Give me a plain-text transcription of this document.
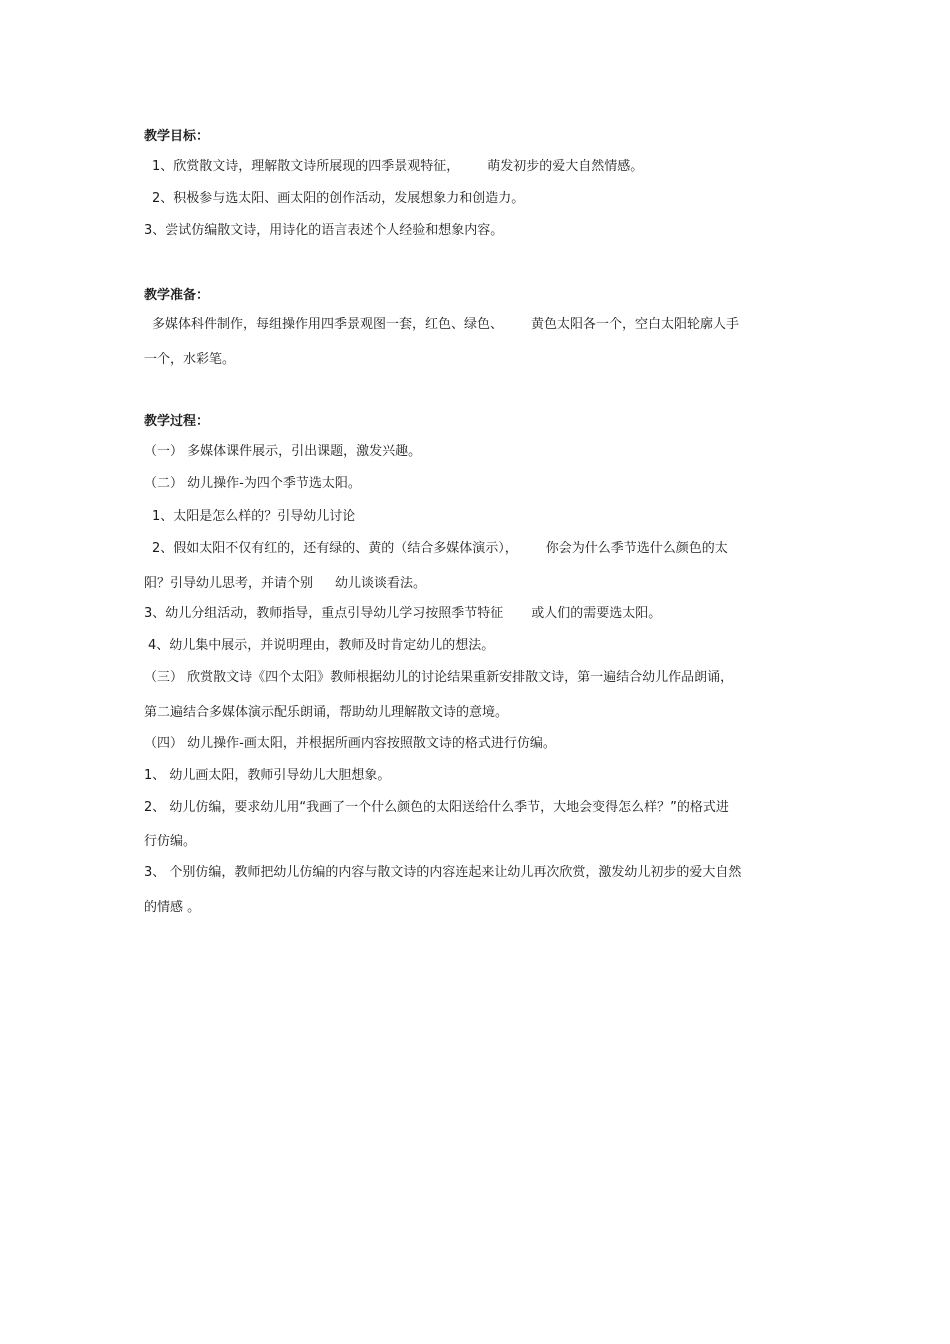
教学目标：
1、欣赏散文诗，理解散文诗所展现的四季景观特征， 萌发初步的爱大自然情感。
2、积极参与选太阳、画太阳的创作活动，发展想象力和创造力。
3、尝试仿编散文诗，用诗化的语言表述个人经验和想象内容。
教学准备：
多媒体科件制作，每组操作用四季景观图一套，红色、绿色、 黄色太阳各一个，空白太阳轮廓人手
一个，水彩笔。
教学过程：
（一） 多媒体课件展示，引出课题，激发兴趣。
（二） 幼儿操作-为四个季节选太阳。
1、太阳是怎么样的？引导幼儿讨论
2、假如太阳不仅有红的，还有绿的、黄的（结合多媒体演示）， 你会为什么季节选什么颜色的太
阳？引导幼儿思考，并请个别 幼儿谈谈看法。
3、幼儿分组活动，教师指导，重点引导幼儿学习按照季节特征 或人们的需要选太阳。
4、幼儿集中展示，并说明理由，教师及时肯定幼儿的想法。
（三） 欣赏散文诗《四个太阳》教师根据幼儿的讨论结果重新安排散文诗，第一遍结合幼儿作品朗诵，
第二遍结合多媒体演示配乐朗诵，帮助幼儿理解散文诗的意境。
（四） 幼儿操作-画太阳，并根据所画内容按照散文诗的格式进行仿编。
1、 幼儿画太阳，教师引导幼儿大胆想象。
2、 幼儿仿编，要求幼儿用“我画了一个什么颜色的太阳送给什么季节，大地会变得怎么样？”的格式进
行仿编。
3、 个别仿编，教师把幼儿仿编的内容与散文诗的内容连起来让幼儿再次欣赏，激发幼儿初步的爱大自然
的情感 。
